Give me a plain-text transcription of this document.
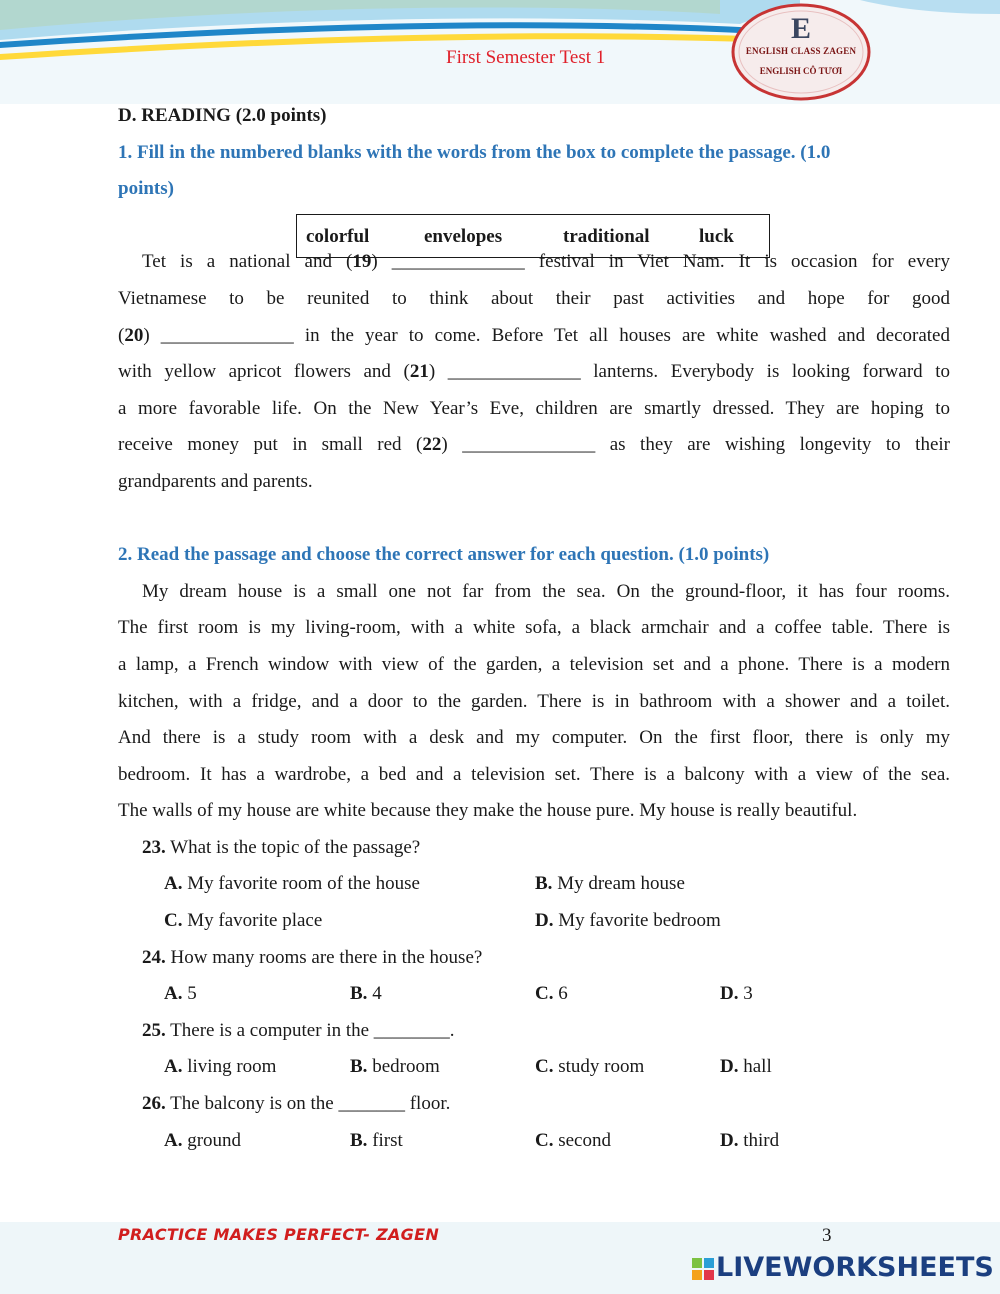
First Semester Test 1
E
ENGLISH CLASS ZAGEN
ENGLISH CÔ TƯƠI
D. READING (2.0 points)
1. Fill in the numbered blanks with the words from the box to complete the passage. (1.0
points)
Tet is a national and (19) ______________ festival in Viet Nam. It is occasion for every
Vietnamese to be reunited to think about their past activities and hope for good
(20) ______________ in the year to come. Before Tet all houses are white washed and decorated
with yellow apricot flowers and (21) ______________ lanterns. Everybody is looking forward to
a more favorable life. On the New Year’s Eve, children are smartly dressed. They are hoping to
receive money put in small red (22) ______________ as they are wishing longevity to their
grandparents and parents.
2. Read the passage and choose the correct answer for each question. (1.0 points)
My dream house is a small one not far from the sea. On the ground-floor, it has four rooms.
The first room is my living-room, with a white sofa, a black armchair and a coffee table. There is
a lamp, a French window with view of the garden, a television set and a phone. There is a modern
kitchen, with a fridge, and a door to the garden. There is in bathroom with a shower and a toilet.
And there is a study room with a desk and my computer. On the first floor, there is only my
bedroom. It has a wardrobe, a bed and a television set. There is a balcony with a view of the sea.
The walls of my house are white because they make the house pure. My house is really beautiful.
23. What is the topic of the passage?
A. My favorite room of the house	B. My dream house
C. My favorite place	D. My favorite bedroom
24. How many rooms are there in the house?
A. 5	B. 4	C. 6	D. 3
25. There is a computer in the ________.
A. living room	B. bedroom	C. study room	D. hall
26. The balcony is on the _______ floor.
A. ground	B. first	C. second	D. third
colorful	envelopes	traditional	luck
PRACTICE MAKES PERFECT- ZAGEN	3
LIVEWORKSHEETS
